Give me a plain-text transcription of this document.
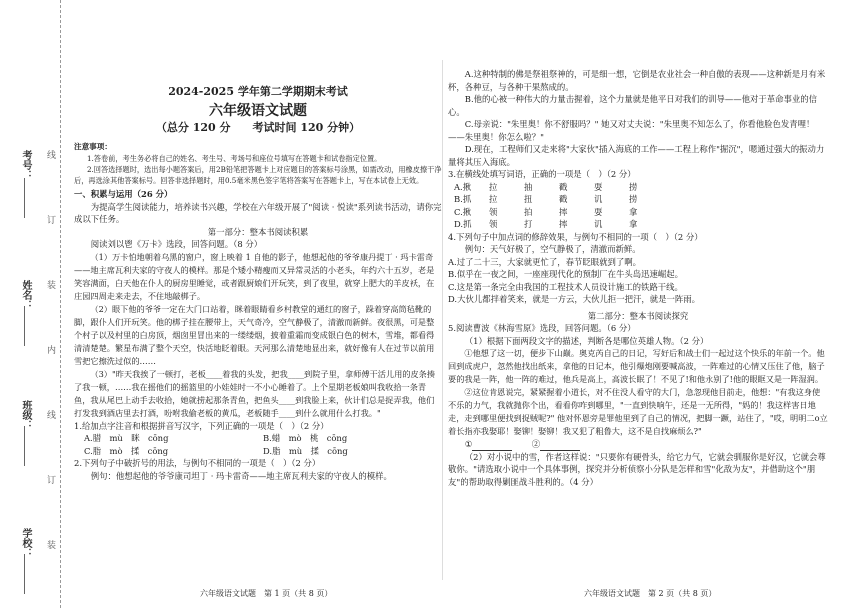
考号：
姓名：
班级：
学校：
线
订
装
内
线
订
装
2024-2025 学年第二学期期末考试
六年级语文试题
（总分 120 分　　考试时间 120 分钟）
注意事项：
1.答卷前，考生务必将自己的姓名、考生号、考场号和座位号填写在答题卡和试卷指定位置。
2.回答选择题时，选出每小题答案后，用2B铅笔把答题卡上对应题目的答案标号涂黑，如需改动，用橡皮擦干净后，再选涂其他答案标号。回答非选择题时，用0.5毫米黑色签字笔将答案写在答题卡上，写在本试卷上无效。
一、积累与运用（26 分）
为提高学生阅读能力，培养读书兴趣，学校在六年级开展了"阅读 · 悦读"系列读书活动，请你完成以下任务。
第一部分：整本书阅读积累
阅读刘以鬯《万卡》选段，回答问题。（8 分）
（1）万卡怕地朝着乌黑的窗户，窗上映着 1 自他的影子，他想起他的爷爷康丹提丁 · 玛卡雷奇——地主席瓦利夫家的守夜人的模样。那是个矮小精瘦而又异常灵活的小老头，年约六十五岁，老是笑容满面，白天他在仆人的厨房里睡觉，或者跟厨娘们开玩笑，到了夜里，就穿上肥大的羊皮袄，在庄园四周走来走去，不住地敲梆子。
（2）眼下他的爷爷一定在大门口站着，眯着眼睛看乡村教堂的通红的窗子，跺着穿高筒毡靴的脚，跟仆人们开玩笑。他的梆子挂在腰带上，天气奇冷，空气静极了，清澈而新鲜。夜很黑，可是整个村子以及村里的白房顶，烟囱里冒出来的一缕缕烟，披着重霜而变成银白色的树木，雪堆，都看得清清楚楚。繁星布满了整个天空，快活地眨着眼。天河那么清楚地显出来，就好像有人在过节以前用雪把它擦洗过似的……
（3）"昨天我挨了一顿打，老板____着我的头发，把我____到院子里，拿师傅干活儿用的皮条揍了我一顿，……我在摇他们的摇篮里的小娃娃时一不小心睡着了。上个星期老板娘叫我收拾一条青鱼，我从尾巴上动手去收拾，她就捞起那条青鱼，把鱼头____到我脸上来，伙计们总是捉弄我，他们打发我到酒店里去打酒，吩咐我偷老板的黄瓜，老板随手____到什么就用什么打我。"
1.给加点字注音和根据拼音写汉字，下列正确的一项是（　）（2 分）
A.腊　 mù　 眯　 cōng	B.蜡　 mò　 桃　 cōng
C.脂　 mò　 揉　 cōng	D.脂　 mù　 揉　 cōng
2.下列句子中破折号的用法，与例句不相同的一项是（　）（2 分）
例句：他想起他的爷爷康司坦丁 · 玛卡雷奇——地主席瓦利夫家的守夜人的模样。
A.这种特制的佛是祭祖祭神的，可是细一想，它倒是农业社会一种自傲的表现——这种新是月有米杯，各种豆，与各种干果熬成的。
B.他的心被一种伟大的力量击握着，这个力量就是他平日对我们的训导——他对于革命事业的信心。
C.母亲说："朱里奥！你不舒服吗？" 她又对丈夫说："朱里奥不知怎么了，你看他脸色发青哩！——朱里奥！你怎么啦？"
D.现在，工程师们又走来将"大家伙"插入海底的工作——工程上称作"掘沉"，嗯通过强大的振动力量将其压入海底。
3.在横线处填写词语，正确的一项是（　）（2 分）
A.揪	拉	抽	戳	耍	捞
B.抓	拉	扭	戳	讥	捞
C.揪	领	拍	摔	耍	拿
D.抓	领	打	摔	讥	拿
4.下列句子中加点词的修辞效果，与例句不相同的一项（　）（2 分）
例句：天气好极了，空气静极了，清澈而新鲜。
A.过了二十三，大家就更忙了，春节眨眼就到了啊。
B.似乎在一夜之间，一座座现代化的预制厂在牛头岛迅速崛起。
C.这是第一条完全由我国的工程技术人员设计施工的铁路干线。
D.大伙儿都拌着笑来，就是一方云，大伙儿拒一把汗，就是一阵雨。
第二部分：整本书阅读探究
5.阅读曹波《林海雪原》选段，回答问题。（6 分）
（1）根据下面两段文字的描述，判断各是哪位英雄人物。（2 分）
①他想了这一切，便步下山巅。奥克芮自己的日记，写好后和战士们一起过这个快乐的年前一个。他回到成虎户，忽然他找出纸来，拿他的日记本，他引爆炮刚要喊高波，一阵难过的心情又压住了他，脑子要的我是一阵，他一阵的难过，他兵是高上，高波长眠了！不见了!和他永别了!他的眼眶又是一阵湿润。
②这位肯恩说完，紧紧握着小道长，对不住没人看守的大门，急忽现他目前走，他想："有我这身使不乐的力气，我就抛你个出，看看你咋到哪里，"一直到快响午，还是一无所得，"妈的！我这样害日地走，走到哪里便找到捉贼呢?" 他对怀恩旁是罪他里到了自己的情况，把脚一蹶，站住了，"哎，明明二o立着长指亦我娶耶！娶铆！娶铆！我又犯了粗鲁大，这不是自找麻烦么?"
① 　　	②
（2）对小说中的雪，作者这样说："只要你有硬骨头，给它力气，它就会驯服你是好汉，它就会尊敬你。"请选取小说中一个具体事例，探究并分析侦察小分队是怎样和雪"化敌为友"，并借助这个"朋友"的帮助取得剿匪战斗胜利的。（4 分）
六年级语文试题　第 1 页（共 8 页）	六年级语文试题　第 2 页（共 8 页）
